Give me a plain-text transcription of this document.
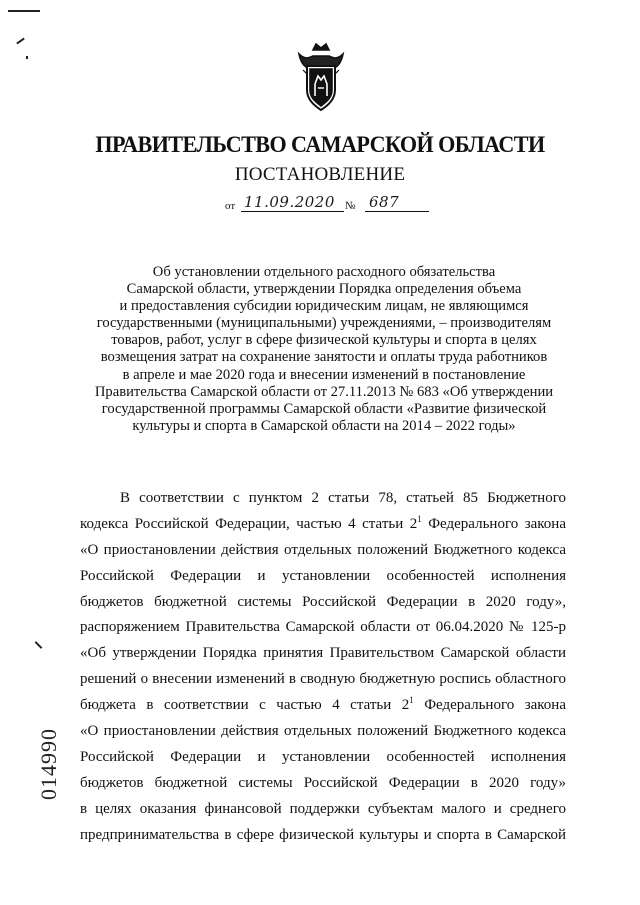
ПРАВИТЕЛЬСТВО САМАРСКОЙ ОБЛАСТИ
ПОСТАНОВЛЕНИЕ
от 11.09.2020 № 687
Об установлении отдельного расходного обязательства
Самарской области, утверждении Порядка определения объема
и предоставления субсидии юридическим лицам, не являющимся
государственными (муниципальными) учреждениями, – производителям
товаров, работ, услуг в сфере физической культуры и спорта в целях
возмещения затрат на сохранение занятости и оплаты труда работников
в апреле и мае 2020 года и внесении изменений в постановление
Правительства Самарской области от 27.11.2013 № 683 «Об утверждении
государственной программы Самарской области «Развитие физической
культуры и спорта в Самарской области на 2014 – 2022 годы»
В соответствии с пунктом 2 статьи 78, статьей 85 Бюджетного
кодекса Российской Федерации, частью 4 статьи $2^1$ Федерального закона
«О приостановлении действия отдельных положений Бюджетного кодекса
Российской Федерации и установлении особенностей исполнения
бюджетов бюджетной системы Российской Федерации в 2020 году»,
распоряжением Правительства Самарской области от 06.04.2020 № 125-р
«Об утверждении Порядка принятия Правительством Самарской области
решений о внесении изменений в сводную бюджетную роспись областного
бюджета в соответствии с частью 4 статьи $2^1$ Федерального закона
«О приостановлении действия отдельных положений Бюджетного кодекса
Российской Федерации и установлении особенностей исполнения
бюджетов бюджетной системы Российской Федерации в 2020 году»
в целях оказания финансовой поддержки субъектам малого и среднего
предпринимательства в сфере физической культуры и спорта в Самарской
014990
